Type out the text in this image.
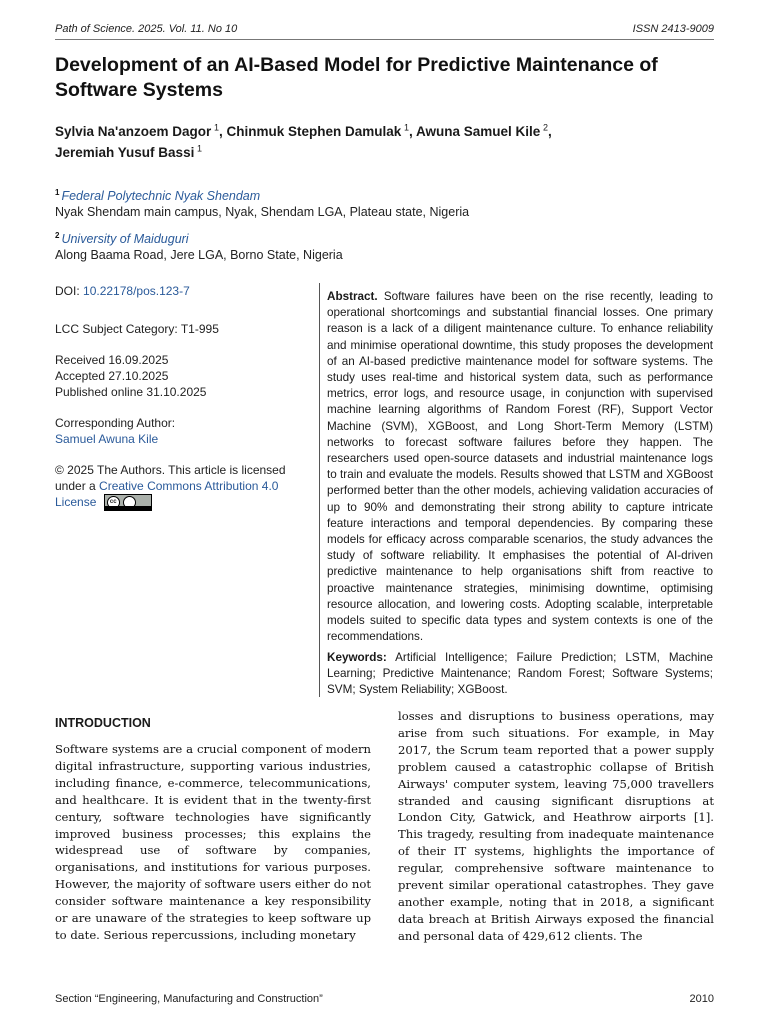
Path of Science. 2025. Vol. 11. No 10	ISSN 2413-9009
Development of an AI-Based Model for Predictive Maintenance of Software Systems
Sylvia Na'anzoem Dagor  $^1$, Chinmuk Stephen Damulak  $^1$, Awuna Samuel Kile  $^2$,
Jeremiah Yusuf Bassi  $^1$
$^1$ Federal Polytechnic Nyak Shendam
Nyak Shendam main campus, Nyak, Shendam LGA, Plateau state, Nigeria
$^2$ University of Maiduguri
Along Baama Road, Jere LGA, Borno State, Nigeria
DOI: 10.22178/pos.123-7
LCC Subject Category: T1-995
Received 16.09.2025
Accepted 27.10.2025
Published online 31.10.2025
Corresponding Author:
Samuel Awuna Kile
© 2025 The Authors. This article is licensed under a Creative Commons Attribution 4.0 License	cc
Abstract. Software failures have been on the rise recently, leading to operational shortcomings and substantial financial losses. One primary reason is a lack of a diligent maintenance culture. To enhance reliability and minimise operational downtime, this study proposes the development of an AI-based predictive maintenance model for software systems. The study uses real-time and historical system data, such as performance metrics, error logs, and resource usage, in conjunction with supervised machine learning algorithms of Random Forest (RF), Support Vector Machine (SVM), XGBoost, and Long Short-Term Memory (LSTM) networks to forecast software failures before they happen. The researchers used open-source datasets and industrial maintenance logs to train and evaluate the models. Results showed that LSTM and XGBoost performed better than the other models, achieving validation accuracies of up to 90% and demonstrating their strong ability to capture intricate feature interactions and temporal dependencies. By comparing these models for efficacy across comparable scenarios, the study advances the study of software reliability. It emphasises the potential of AI-driven predictive maintenance to help organisations shift from reactive to proactive maintenance strategies, minimising downtime, optimising resource allocation, and lowering costs. Adopting scalable, interpretable models suited to specific data types and system contexts is one of the recommendations.
Keywords: Artificial Intelligence; Failure Prediction; LSTM, Machine Learning; Predictive Maintenance; Random Forest; Software Systems; SVM; System Reliability; XGBoost.
INTRODUCTION
Software systems are a crucial component of modern digital infrastructure, supporting various industries, including finance, e-commerce, telecommunications, and healthcare. It is evident that in the twenty-first century, software technologies have significantly improved business processes; this explains the widespread use of software by companies, organisations, and institutions for various purposes. However, the majority of software users either do not consider software maintenance a key responsibility or are unaware of the strategies to keep software up to date. Serious repercussions, including monetary
losses and disruptions to business operations, may arise from such situations. For example, in May 2017, the Scrum team reported that a power supply problem caused a catastrophic collapse of British Airways' computer system, leaving 75,000 travellers stranded and causing significant disruptions at London City, Gatwick, and Heathrow airports [1]. This tragedy, resulting from inadequate maintenance of their IT systems, highlights the importance of regular, comprehensive software maintenance to prevent similar operational catastrophes. They gave another example, noting that in 2018, a significant data breach at British Airways exposed the financial and personal data of 429,612 clients. The
Section “Engineering, Manufacturing and Construction”	2010
